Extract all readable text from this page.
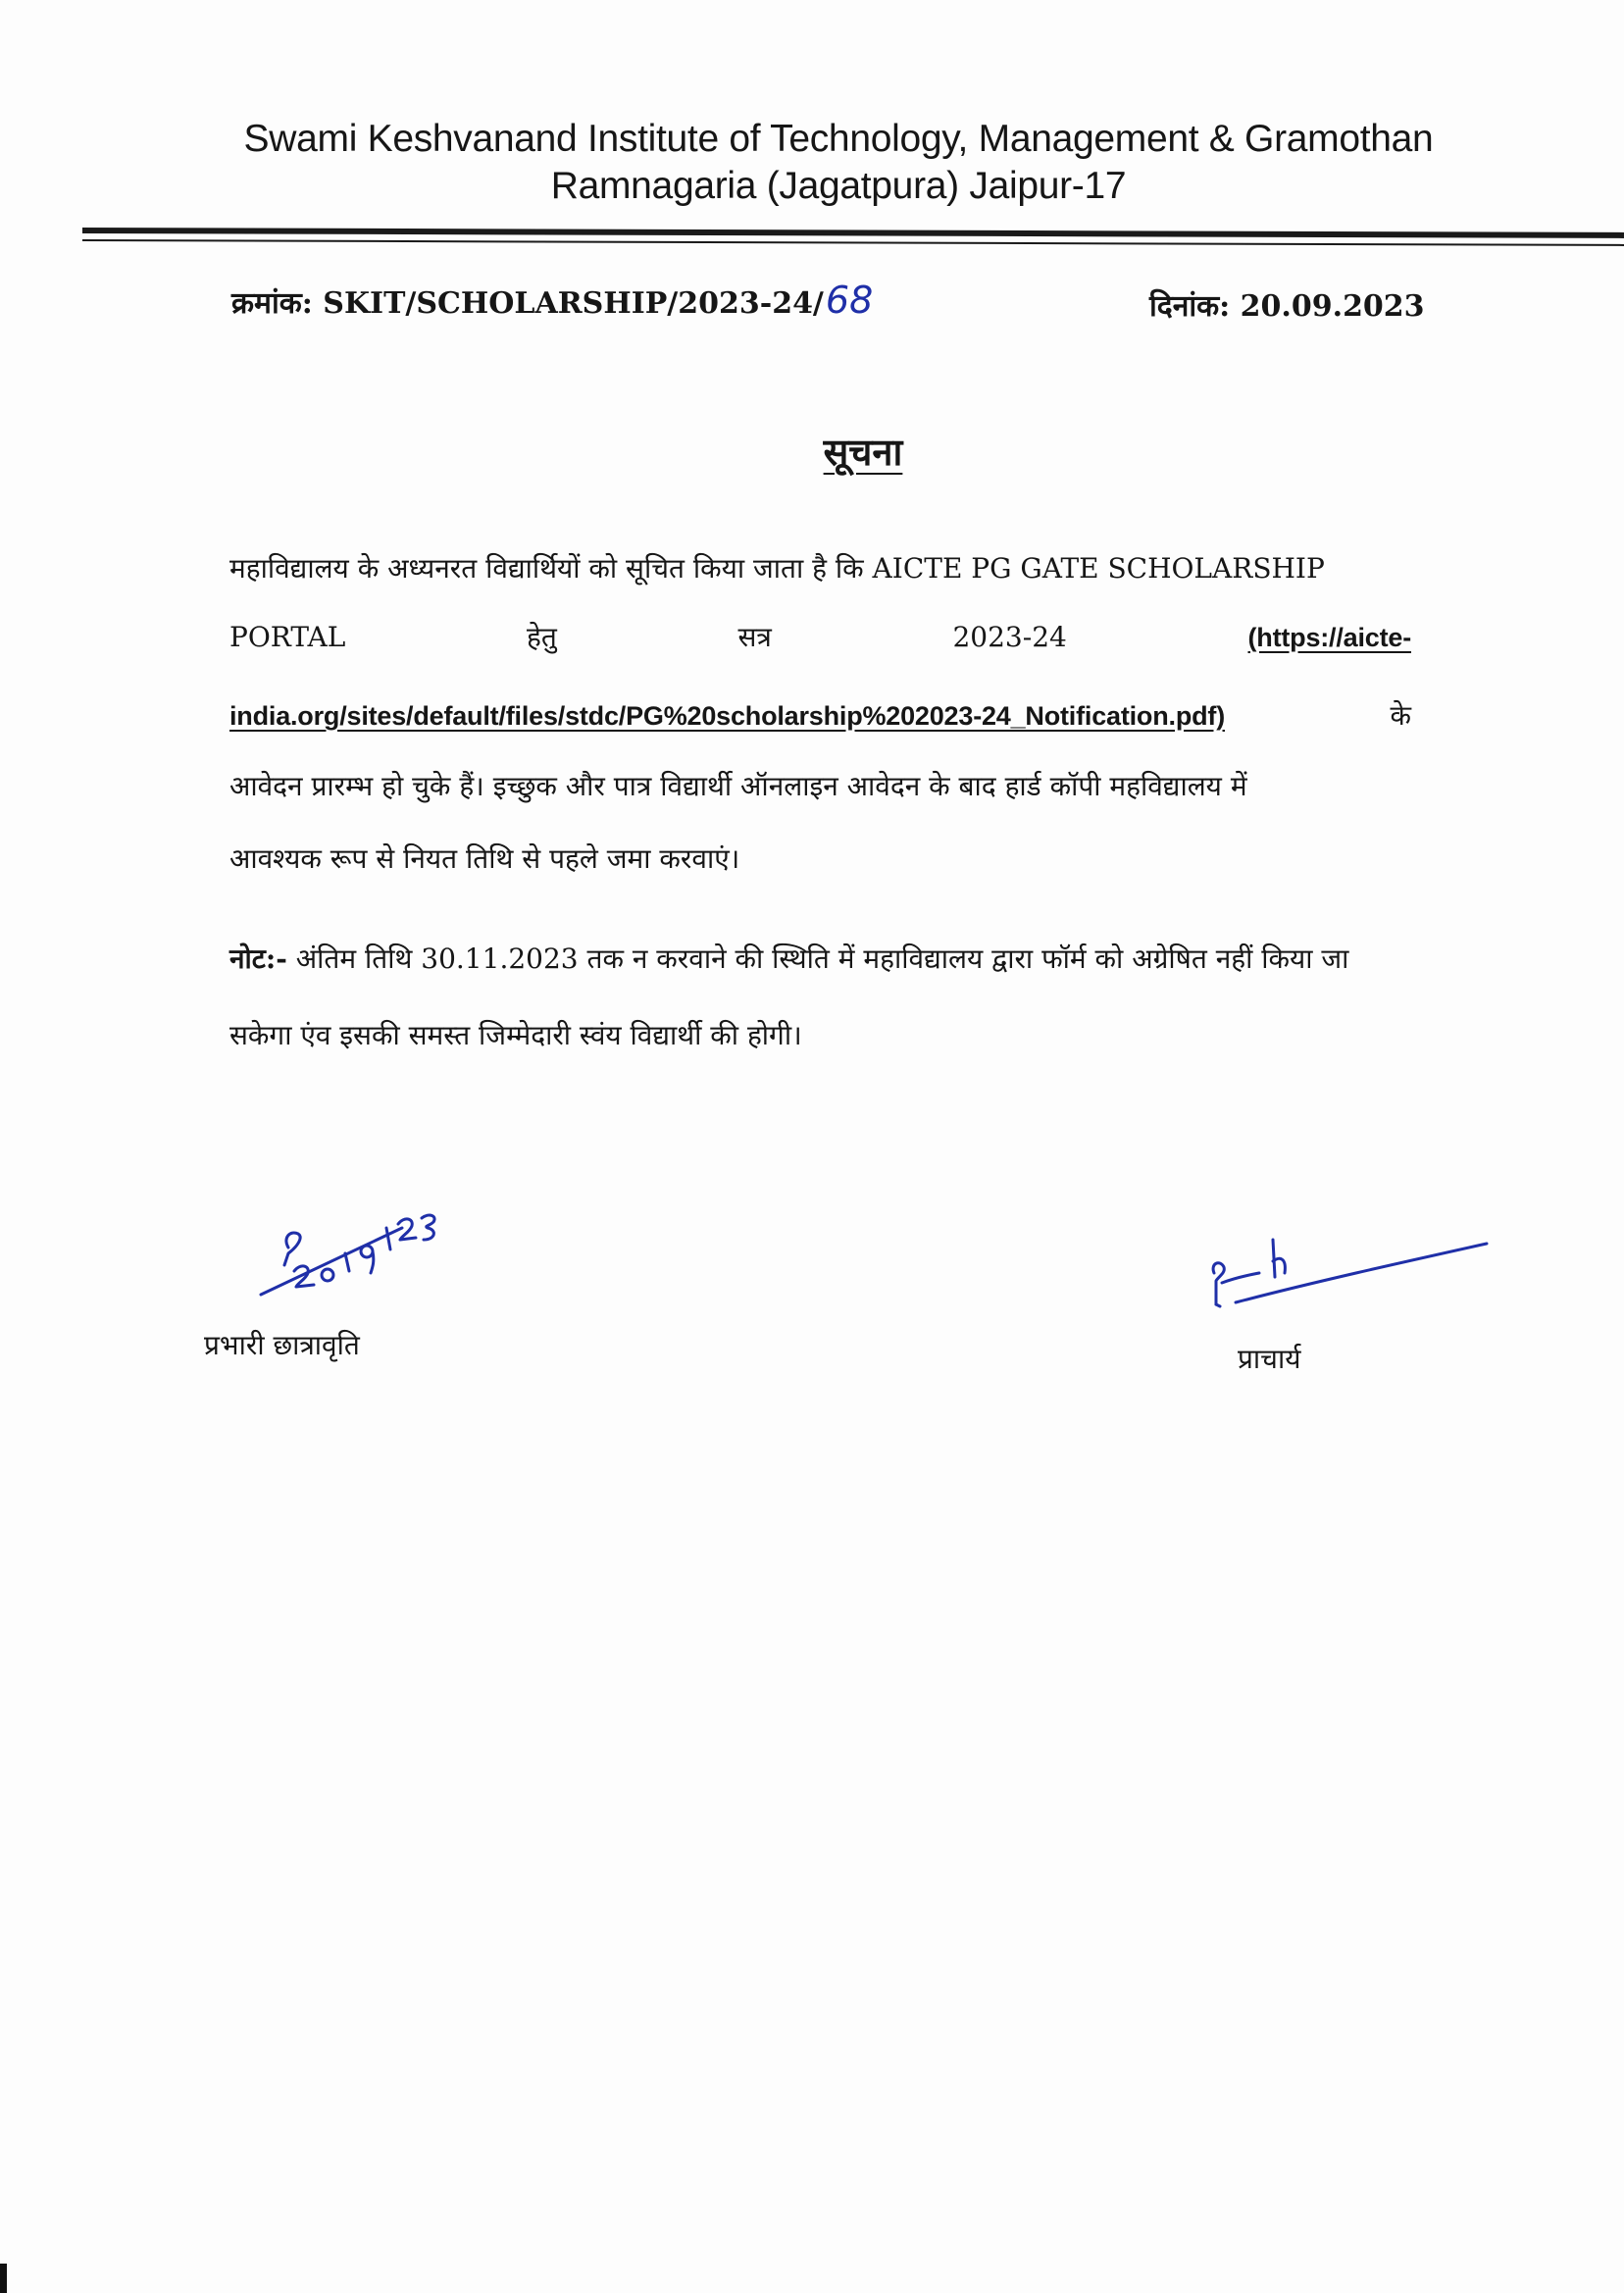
Swami Keshvanand Institute of Technology, Management & Gramothan
Ramnagaria (Jagatpura) Jaipur-17
क्रमांक: SKIT/SCHOLARSHIP/2023-24/68	दिनांक: 20.09.2023
सूचना
महाविद्यालय के अध्यनरत विद्यार्थियों को सूचित किया जाता है कि AICTE PG GATE SCHOLARSHIP
PORTAL	हेतु	सत्र	2023-24	(https://aicte-
india.org/sites/default/files/stdc/PG%20scholarship%202023-24_Notification.pdf)	के
आवेदन प्रारम्भ हो चुके हैं। इच्छुक और पात्र विद्यार्थी ऑनलाइन आवेदन के बाद हार्ड कॉपी महविद्यालय में
आवश्यक रूप से नियत तिथि से पहले जमा करवाएं।
नोट:- अंतिम तिथि 30.11.2023 तक न करवाने की स्थिति में महाविद्यालय द्वारा फॉर्म को अग्रेषित नहीं किया जा
सकेगा एंव इसकी समस्त जिम्मेदारी स्वंय विद्यार्थी की होगी।
प्रभारी छात्रावृति	प्राचार्य
